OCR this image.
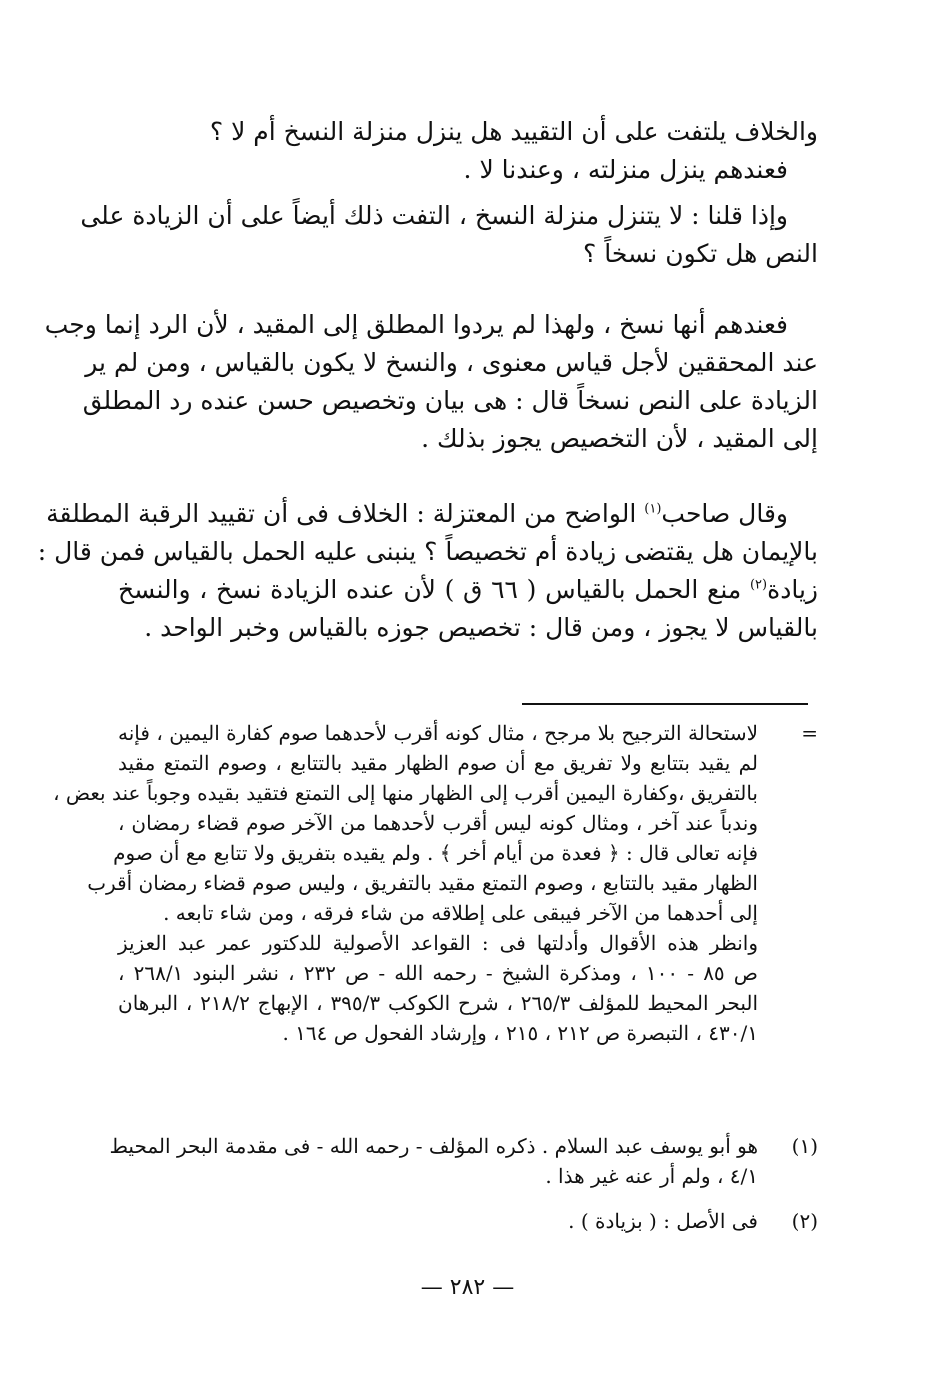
والخلاف يلتفت على أن التقييد هل ينزل منزلة النسخ أم لا ؟
فعندهم ينزل منزلته ، وعندنا لا .
وإذا قلنا : لا يتنزل منزلة النسخ ، التفت ذلك أيضاً على أن الزيادة على
النص هل تكون نسخاً ؟
فعندهم أنها نسخ ، ولهذا لم يردوا المطلق إلى المقيد ، لأن الرد إنما وجب
عند المحققين لأجل قياس معنوى ، والنسخ لا يكون بالقياس ، ومن لم ير
الزيادة على النص نسخاً قال : هى بيان وتخصيص حسن عنده رد المطلق
إلى المقيد ، لأن التخصيص يجوز بذلك .
وقال صاحب$^{(١)}$ الواضح من المعتزلة : الخلاف فى أن تقييد الرقبة المطلقة
بالإيمان هل يقتضى زيادة أم تخصيصاً ؟ ينبنى عليه الحمل بالقياس فمن قال :
زيادة$^{(٢)}$ منع الحمل بالقياس ( ٦٦ ق ) لأن عنده الزيادة نسخ ، والنسخ
بالقياس لا يجوز ، ومن قال : تخصيص جوزه بالقياس وخبر الواحد .
=
لاستحالة الترجيح بلا مرجح ، مثال كونه أقرب لأحدهما صوم كفارة اليمين ، فإنه
لم يقيد بتتابع ولا تفريق مع أن صوم الظهار مقيد بالتتابع ، وصوم التمتع مقيد
بالتفريق ،وكفارة اليمين أقرب إلى الظهار منها إلى التمتع فتقيد بقيده وجوباً عند بعض ،
وندباً عند آخر ، ومثال كونه ليس أقرب لأحدهما من الآخر صوم قضاء رمضان ،
فإنه تعالى قال : ﴿ فعدة من أيام أخر ﴾ . ولم يقيده بتفريق ولا تتابع مع أن صوم
الظهار مقيد بالتتابع ، وصوم التمتع مقيد بالتفريق ، وليس صوم قضاء رمضان أقرب
إلى أحدهما من الآخر فيبقى على إطلاقه من شاء فرقه ، ومن شاء تابعه .
وانظر هذه الأقوال وأدلتها فى : القواعد الأصولية للدكتور عمر عبد العزيز
ص ٨٥ - ١٠٠ ، ومذكرة الشيخ - رحمه الله - ص ٢٣٢ ، نشر البنود ٢٦٨/١ ،
البحر المحيط للمؤلف ٢٦٥/٣ ، شرح الكوكب ٣٩٥/٣ ، الإبهاج ٢١٨/٢ ، البرهان
٤٣٠/١ ، التبصرة ص ٢١٢ ، ٢١٥ ، وإرشاد الفحول ص ١٦٤ .
(١)
هو أبو يوسف عبد السلام . ذكره المؤلف - رحمه الله - فى مقدمة البحر المحيط
٤/١ ، ولم أر عنه غير هذا .
(٢)
فى الأصل : ( بزيادة ) .
— ٢٨٢ —
